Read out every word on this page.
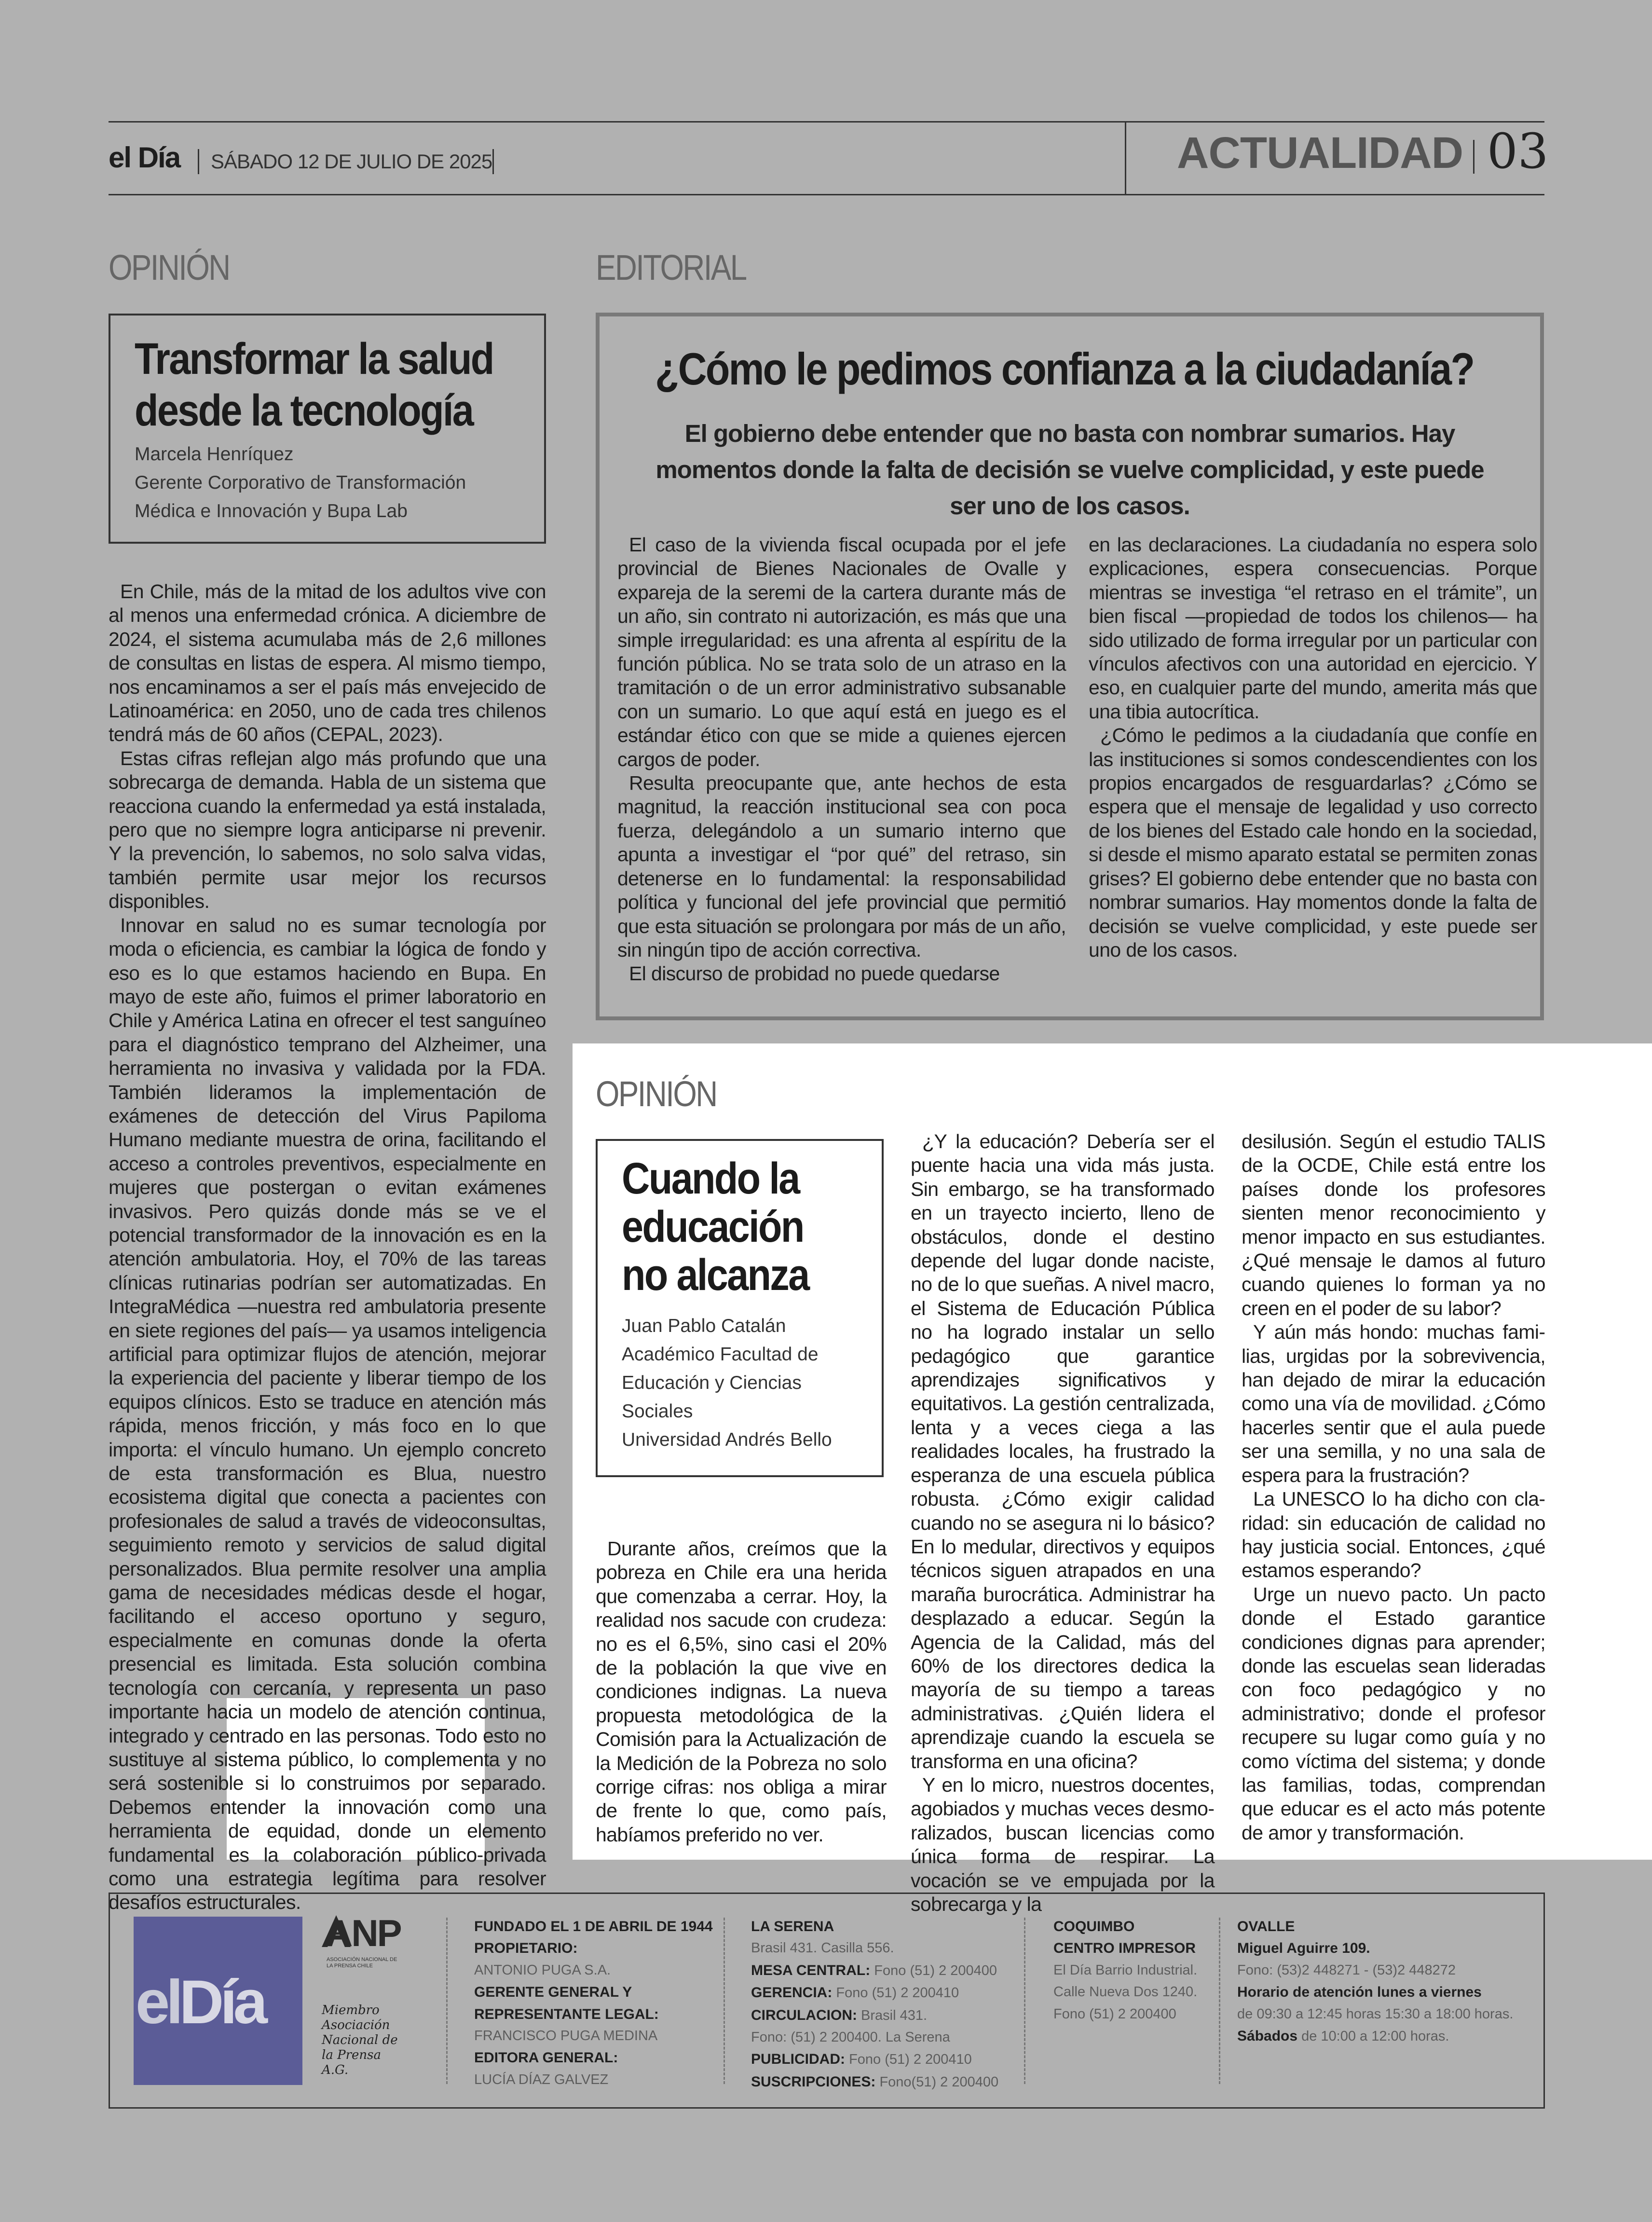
el Día SÁBADO 12 DE JULIO DE 2025	ACTUALIDAD 03
OPINIÓN
Transformar la salud
desde la tecnología
Marcela Henríquez
Gerente Corporativo de Transformación
Médica e Innovación y Bupa Lab

En Chile, más de la mitad de los adultos vive con al menos una enfermedad crónica. A diciembre de 2024, el sistema acumulaba más de 2,6 millones de consultas en listas de espera. Al mismo tiempo, nos encaminamos a ser el país más envejecido de Latinoamérica: en 2050, uno de cada tres chilenos tendrá más de 60 años (CEPAL, 2023).

Estas cifras reflejan algo más profundo que una sobrecarga de demanda. Habla de un sistema que reacciona cuando la enfermedad ya está instalada, pero que no siempre logra anticiparse ni prevenir. Y la prevención, lo sabemos, no solo salva vidas, también permite usar mejor los recursos disponibles.

Innovar en salud no es sumar tecnología por moda o eficiencia, es cambiar la lógica de fondo y eso es lo que estamos haciendo en Bupa. En mayo de este año, fuimos el primer laboratorio en Chile y América Latina en ofrecer el test sanguíneo para el diagnóstico temprano del Alzheimer, una herramienta no invasiva y validada por la FDA. También lideramos la implementación de exámenes de detección del Virus Papiloma Humano mediante muestra de orina, facilitando el acceso a controles preventivos, especialmente en mujeres que postergan o evitan exámenes invasivos. Pero quizás donde más se ve el potencial transformador de la innovación es en la atención ambulatoria. Hoy, el 70% de las tareas clínicas rutinarias podrían ser automatizadas. En IntegraMédica —nuestra red ambulatoria presente en siete regiones del país— ya usamos inteligencia artificial para optimizar flujos de atención, mejorar la experiencia del paciente y liberar tiempo de los equipos clínicos. Esto se traduce en atención más rápida, menos fricción, y más foco en lo que importa: el vínculo humano. Un ejemplo concreto de esta transformación es Blua, nuestro ecosistema digital que conecta a pacientes con profesionales de salud a través de videoconsultas, seguimiento remoto y servicios de salud digital personalizados. Blua permite resolver una amplia gama de necesidades médicas desde el hogar, facilitando el acceso oportuno y seguro, especialmente en comunas donde la oferta presencial es limitada. Esta solución combina tecnología con cercanía, y representa un paso importante hacia un modelo de atención continua, integrado y centrado en las personas. Todo esto no sustituye al sistema público, lo complementa y no será sostenible si lo construimos por separado. Debemos entender la innovación como una herramienta de equidad, donde un elemento fundamental es la colaboración público-privada como una estrategia legítima para resolver desafíos estructurales.

EDITORIAL
¿Cómo le pedimos confianza a la ciudadanía?
El gobierno debe entender que no basta con nombrar sumarios. Hay
momentos donde la falta de decisión se vuelve complicidad, y este puede
ser uno de los casos.

El caso de la vivienda fiscal ocupada por el jefe provincial de Bienes Nacionales de Ovalle y expareja de la seremi de la cartera durante más de un año, sin contrato ni autorización, es más que una simple irregularidad: es una afrenta al espíritu de la función pública. No se trata solo de un atraso en la tramitación o de un error administrativo subsanable con un sumario. Lo que aquí está en juego es el estándar ético con que se mide a quienes ejercen cargos de poder.

Resulta preocupante que, ante hechos de esta magnitud, la reacción institucional sea con poca fuerza, delegándolo a un sumario interno que apunta a investigar el “por qué” del retraso, sin detenerse en lo fundamental: la responsabilidad política y funcional del jefe provincial que permitió que esta situación se prolongara por más de un año, sin ningún tipo de acción correctiva.

El discurso de probidad no puede quedarse

en las declaraciones. La ciudadanía no espera solo explicaciones, espera consecuencias. Porque mientras se investiga “el retraso en el trámite”, un bien fiscal —propiedad de todos los chilenos— ha sido utilizado de forma irregular por un particular con vínculos afectivos con una autoridad en ejercicio. Y eso, en cualquier parte del mundo, amerita más que una tibia autocrítica.

¿Cómo le pedimos a la ciudadanía que confíe en las instituciones si somos condescendientes con los propios encargados de resguardarlas? ¿Cómo se espera que el mensaje de legalidad y uso correcto de los bienes del Estado cale hondo en la sociedad, si desde el mismo aparato estatal se permiten zonas grises? El gobierno debe entender que no basta con nombrar sumarios. Hay momentos donde la falta de decisión se vuelve complicidad, y este puede ser uno de los casos.

OPINIÓN
Cuando la
educación
no alcanza
Juan Pablo Catalán
Académico Facultad de
Educación y Ciencias
Sociales
Universidad Andrés Bello

Durante años, creímos que la pobreza en Chile era una herida que comenzaba a cerrar. Hoy, la realidad nos sacude con crudeza: no es el 6,5%, sino casi el 20% de la población la que vive en condiciones indignas. La nueva propuesta metodológica de la Comisión para la Actualización de la Medición de la Pobreza no solo corrige cifras: nos obliga a mirar de frente lo que, como país, habíamos preferido no ver.

¿Y la educación? Debería ser el puente hacia una vida más justa. Sin embargo, se ha transformado en un trayecto incierto, lleno de obstáculos, donde el destino depende del lugar donde naciste, no de lo que sueñas. A nivel macro, el Sistema de Educación Pública no ha logrado instalar un sello pedagógico que garantice aprendizajes significativos y equitativos. La gestión centralizada, lenta y a veces ciega a las realidades locales, ha frustrado la esperanza de una escuela pública robusta. ¿Cómo exigir calidad cuando no se asegura ni lo básico? En lo medular, directivos y equipos técnicos siguen atrapados en una maraña burocrática. Administrar ha desplazado a educar. Según la Agencia de la Calidad, más del 60% de los directores dedica la mayoría de su tiempo a tareas administrativas. ¿Quién lidera el aprendizaje cuando la escuela se transforma en una oficina?

Y en lo micro, nuestros docentes, agobiados y muchas veces desmoralizados, buscan licencias como única forma de respirar. La vocación se ve empujada por la sobrecarga y la

desilusión. Según el estudio TALIS de la OCDE, Chile está entre los países donde los profesores sienten menor reconocimiento y menor impacto en sus estudiantes. ¿Qué mensaje le damos al futuro cuando quienes lo forman ya no creen en el poder de su labor?

Y aún más hondo: muchas familias, urgidas por la sobrevivencia, han dejado de mirar la educación como una vía de movilidad. ¿Cómo hacerles sentir que el aula puede ser una semilla, y no una sala de espera para la frustración?

La UNESCO lo ha dicho con claridad: sin educación de calidad no hay justicia social. Entonces, ¿qué estamos esperando?

Urge un nuevo pacto. Un pacto donde el Estado garantice condiciones dignas para aprender; donde las escuelas sean lideradas con foco pedagógico y no administrativo; donde el profesor recupere su lugar como guía y no como víctima del sistema; y donde las familias, todas, comprendan que educar es el acto más potente de amor y transformación.

elDía
ANP
ASOCIACIÓN NACIONAL DE LA PRENSA CHILE
Miembro
Asociación
Nacional de
la Prensa
A.G.
FUNDADO EL 1 DE ABRIL DE 1944
PROPIETARIO:
ANTONIO PUGA S.A.
GERENTE GENERAL Y
REPRESENTANTE LEGAL:
FRANCISCO PUGA MEDINA
EDITORA GENERAL:
LUCÍA DÍAZ GALVEZ
LA SERENA
Brasil 431. Casilla 556.
MESA CENTRAL: Fono (51) 2 200400
GERENCIA: Fono (51) 2 200410
CIRCULACION: Brasil 431.
Fono: (51) 2 200400. La Serena
PUBLICIDAD: Fono (51) 2 200410
SUSCRIPCIONES: Fono(51) 2 200400
COQUIMBO
CENTRO IMPRESOR
El Día Barrio Industrial.
Calle Nueva Dos 1240.
Fono (51) 2 200400
OVALLE
Miguel Aguirre 109.
Fono: (53)2 448271 - (53)2 448272
Horario de atención lunes a viernes
de 09:30 a 12:45 horas 15:30 a 18:00 horas.
Sábados de 10:00 a 12:00 horas.
